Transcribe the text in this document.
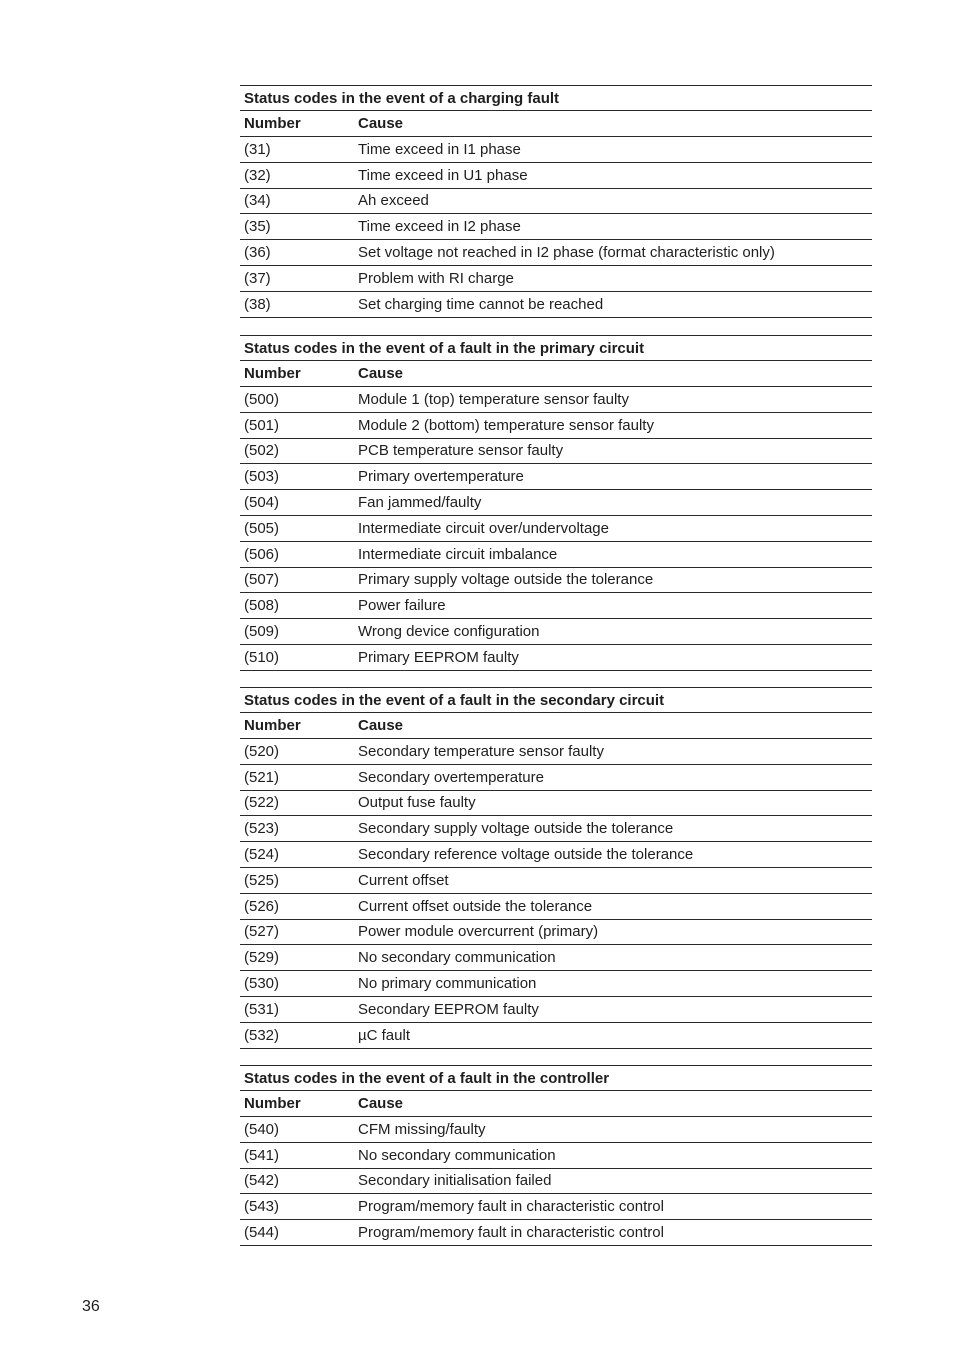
Status codes in the event of a charging fault	
Number	Cause
(31)	Time exceed in I1 phase
(32)	Time exceed in U1 phase
(34)	Ah exceed
(35)	Time exceed in I2 phase
(36)	Set voltage not reached in I2 phase (format characteristic only)
(37)	Problem with RI charge
(38)	Set charging time cannot be reached
Status codes in the event of a fault in the primary circuit	
Number	Cause
(500)	Module 1 (top) temperature sensor faulty
(501)	Module 2 (bottom) temperature sensor faulty
(502)	PCB temperature sensor faulty
(503)	Primary overtemperature
(504)	Fan jammed/faulty
(505)	Intermediate circuit over/undervoltage
(506)	Intermediate circuit imbalance
(507)	Primary supply voltage outside the tolerance
(508)	Power failure
(509)	Wrong device configuration
(510)	Primary EEPROM faulty
Status codes in the event of a fault in the secondary circuit	
Number	Cause
(520)	Secondary temperature sensor faulty
(521)	Secondary overtemperature
(522)	Output fuse faulty
(523)	Secondary supply voltage outside the tolerance
(524)	Secondary reference voltage outside the tolerance
(525)	Current offset
(526)	Current offset outside the tolerance
(527)	Power module overcurrent (primary)
(529)	No secondary communication
(530)	No primary communication
(531)	Secondary EEPROM faulty
(532)	µC fault
Status codes in the event of a fault in the controller	
Number	Cause
(540)	CFM missing/faulty
(541)	No secondary communication
(542)	Secondary initialisation failed
(543)	Program/memory fault in characteristic control
(544)	Program/memory fault in characteristic control
36
